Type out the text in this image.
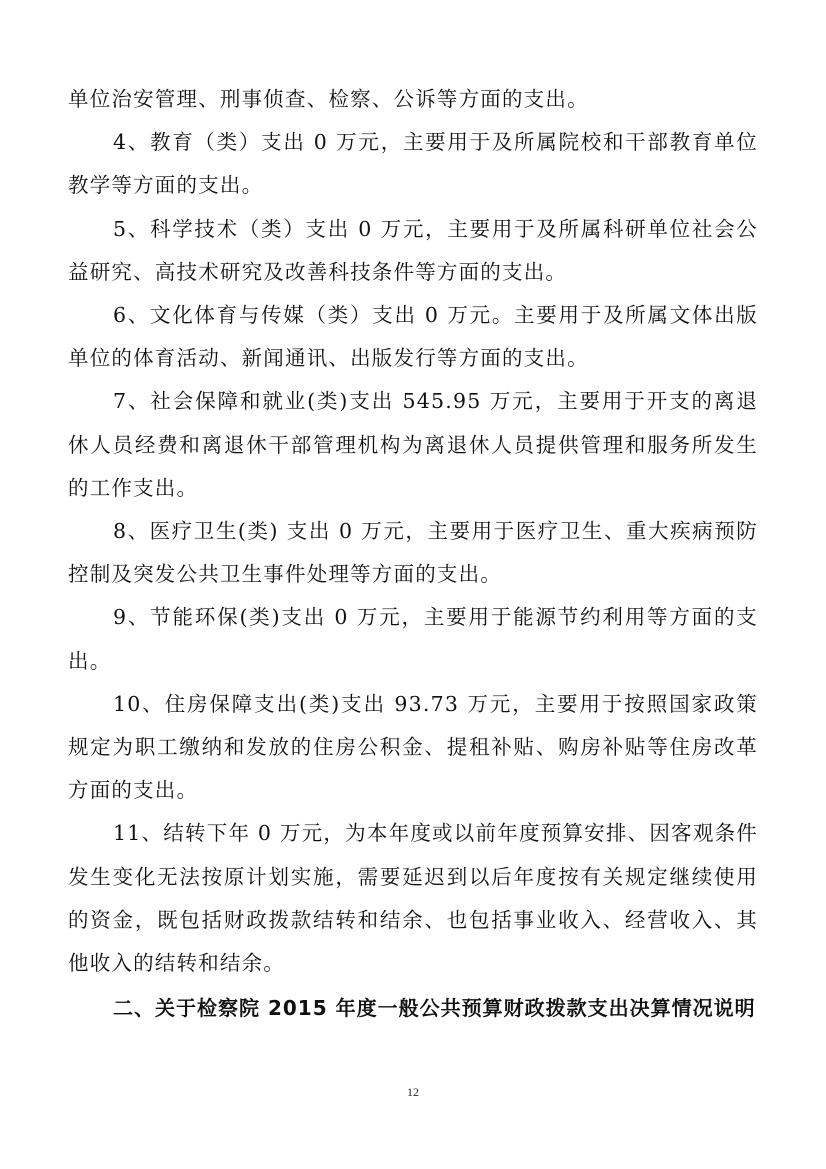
单位治安管理、刑事侦查、检察、公诉等方面的支出。

4、教育（类）支出 0 万元，主要用于及所属院校和干部教育单位教学等方面的支出。

5、科学技术（类）支出 0 万元，主要用于及所属科研单位社会公益研究、高技术研究及改善科技条件等方面的支出。

6、文化体育与传媒（类）支出 0 万元。主要用于及所属文体出版单位的体育活动、新闻通讯、出版发行等方面的支出。

7、社会保障和就业(类)支出 545.95 万元，主要用于开支的离退休人员经费和离退休干部管理机构为离退休人员提供管理和服务所发生的工作支出。

8、医疗卫生(类) 支出 0 万元，主要用于医疗卫生、重大疾病预防控制及突发公共卫生事件处理等方面的支出。

9、节能环保(类)支出 0 万元，主要用于能源节约利用等方面的支出。

10、住房保障支出(类)支出 93.73 万元，主要用于按照国家政策规定为职工缴纳和发放的住房公积金、提租补贴、购房补贴等住房改革方面的支出。

11、结转下年 0 万元，为本年度或以前年度预算安排、因客观条件发生变化无法按原计划实施，需要延迟到以后年度按有关规定继续使用的资金，既包括财政拨款结转和结余、也包括事业收入、经营收入、其他收入的结转和结余。

二、关于检察院 2015 年度一般公共预算财政拨款支出决算情况说明

12
